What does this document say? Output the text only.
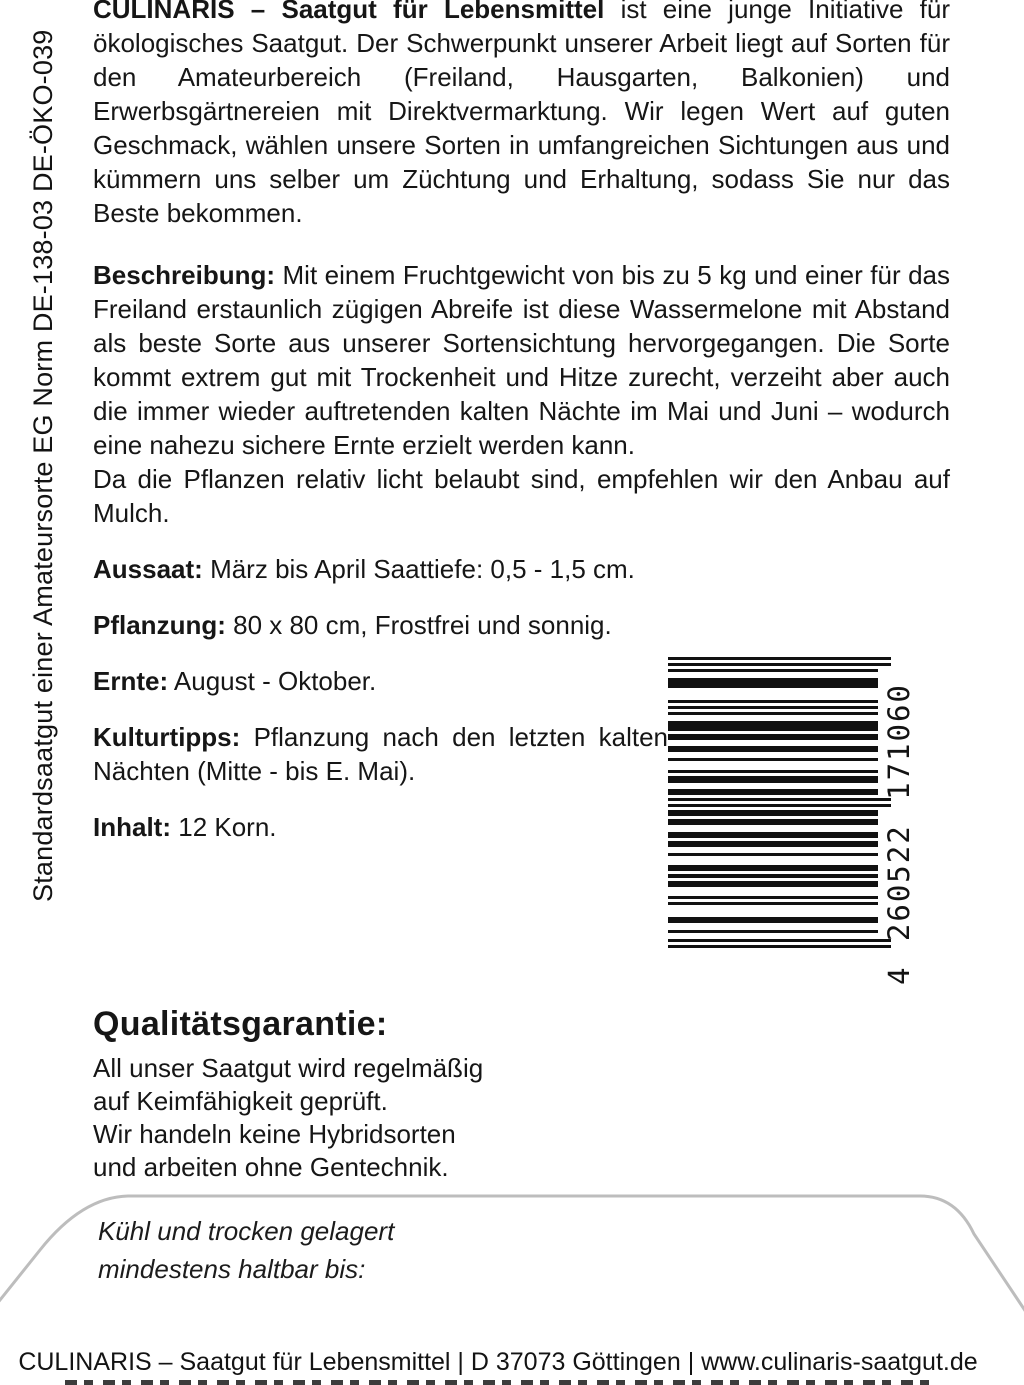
Standardsaatgut einer Amateursorte EG Norm DE-138-03 DE-ÖKO-039

CULINARIS – Saatgut für Lebensmittel ist eine junge Initiative für ökologisches Saatgut. Der Schwerpunkt unserer Arbeit liegt auf Sorten für den Amateurbereich (Freiland, Hausgarten, Balkonien) und Erwerbsgärtnereien mit Direktvermarktung. Wir legen Wert auf guten Geschmack, wählen unsere Sorten in umfangreichen Sichtungen aus und kümmern uns selber um Züchtung und Erhaltung, sodass Sie nur das Beste bekommen.

Beschreibung: Mit einem Fruchtgewicht von bis zu 5 kg und einer für das Freiland erstaunlich zügigen Abreife ist diese Wassermelone mit Abstand als beste Sorte aus unserer Sortensichtung hervorgegangen. Die Sorte kommt extrem gut mit Trockenheit und Hitze zurecht, verzeiht aber auch die immer wieder auftretenden kalten Nächte im Mai und Juni – wodurch eine nahezu sichere Ernte erzielt werden kann.
Da die Pflanzen relativ licht belaubt sind, empfehlen wir den Anbau auf Mulch.

Aussaat: März bis April Saattiefe: 0,5 - 1,5 cm.

Pflanzung: 80 x 80 cm, Frostfrei und sonnig.

Ernte: August - Oktober.

Kulturtipps: Pflanzung nach den letzten kalten Nächten (Mitte - bis E. Mai).

Inhalt: 12 Korn.	4 260522 171060
Qualitätsgarantie:
All unser Saatgut wird regelmäßig
auf Keimfähigkeit geprüft.
Wir handeln keine Hybridsorten
und arbeiten ohne Gentechnik.
Kühl und trocken gelagert
mindestens haltbar bis:
CULINARIS – Saatgut für Lebensmittel | D 37073 Göttingen | www.culinaris-saatgut.de
